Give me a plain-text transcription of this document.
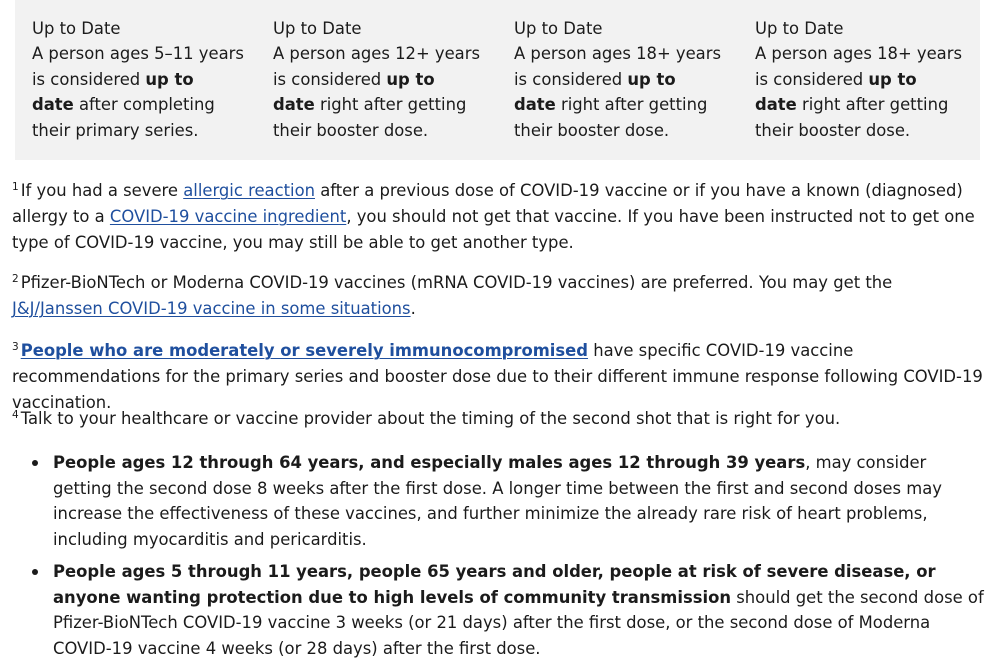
Up to Date
A person ages 5–11 years
is considered up to
date after completing
their primary series.
Up to Date
A person ages 12+ years
is considered up to
date right after getting
their booster dose.
Up to Date
A person ages 18+ years
is considered up to
date right after getting
their booster dose.
Up to Date
A person ages 18+ years
is considered up to
date right after getting
their booster dose.

$^1$ If you had a severe allergic reaction after a previous dose of COVID-19 vaccine or if you have a known (diagnosed) allergy to a COVID-19 vaccine ingredient, you should not get that vaccine. If you have been instructed not to get one type of COVID-19 vaccine, you may still be able to get another type.

$^2$ Pfizer-BioNTech or Moderna COVID-19 vaccines (mRNA COVID-19 vaccines) are preferred. You may get the J&J/Janssen COVID-19 vaccine in some situations.

$^3$ People who are moderately or severely immunocompromised have specific COVID-19 vaccine recommendations for the primary series and booster dose due to their different immune response following COVID-19 vaccination.

$^4$ Talk to your healthcare or vaccine provider about the timing of the second shot that is right for you.

People ages 12 through 64 years, and especially males ages 12 through 39 years, may consider getting the second dose 8 weeks after the first dose. A longer time between the first and second doses may increase the effectiveness of these vaccines, and further minimize the already rare risk of heart problems, including myocarditis and pericarditis.
People ages 5 through 11 years, people 65 years and older, people at risk of severe disease, or anyone wanting protection due to high levels of community transmission should get the second dose of Pfizer-BioNTech COVID-19 vaccine 3 weeks (or 21 days) after the first dose, or the second dose of Moderna COVID-19 vaccine 4 weeks (or 28 days) after the first dose.
